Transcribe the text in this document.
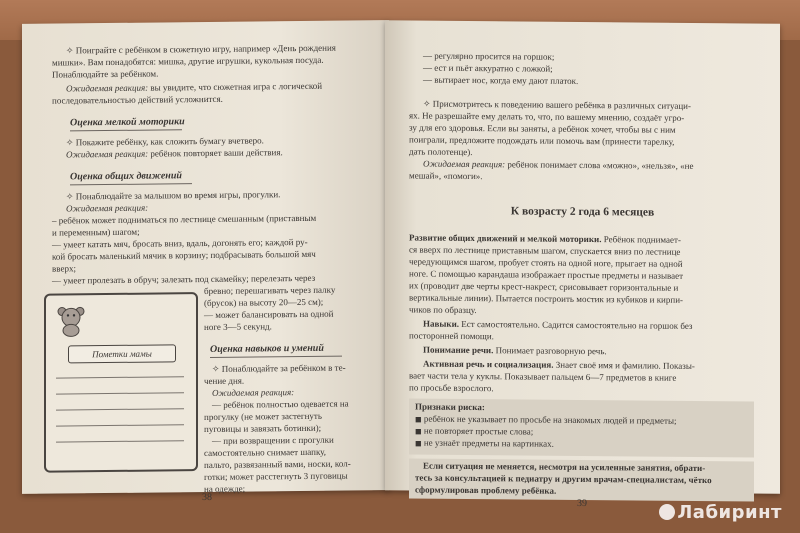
✧ Поиграйте с ребёнком в сюжетную игру, например «День рождения
мишки». Вам понадобятся: мишка, другие игрушки, кукольная посуда.
Понаблюдайте за ребёнком.
Ожидаемая реакция: вы увидите, что сюжетная игра с логической
последовательностью действий усложнится.
Оценка мелкой моторики
✧ Покажите ребёнку, как сложить бумагу вчетверо.
Ожидаемая реакция: ребёнок повторяет ваши действия.
Оценка общих движений
✧ Понаблюдайте за малышом во время игры, прогулки.
Ожидаемая реакция:
– ребёнок может подниматься по лестнице смешанным (приставным
и переменным) шагом;
— умеет катать мяч, бросать вниз, вдаль, догонять его; каждой ру-
кой бросать маленький мячик в корзину; подбрасывать большой мяч
вверх;
— умеет пролезать в обруч; залезать под скамейку; перелезать через
бревно; перешагивать через палку
(брусок) на высоту 20—25 см);
— может балансировать на одной
ноге 3—5 секунд.
Оценка навыков и умений
✧ Понаблюдайте за ребёнком в те-
чение дня.
Ожидаемая реакция:
— ребёнок полностью одевается на
прогулку (не может застегнуть
пуговицы и завязать ботинки);
— при возвращении с прогулки
самостоятельно снимает шапку,
пальто, развязанный вами, носки, кол-
готки; может расстегнуть 3 пуговицы
на одежде;
Пометки мамы
38
— регулярно просится на горшок;
— ест и пьёт аккуратно с ложкой;
— вытирает нос, когда ему дают платок.
✧ Присмотритесь к поведению вашего ребёнка в различных ситуаци-
ях. Не разрешайте ему делать то, что, по вашему мнению, создаёт угро-
зу для его здоровья. Если вы заняты, а ребёнок хочет, чтобы вы с ним
поиграли, предложите подождать или помочь вам (принести тарелку,
дать полотенце).
Ожидаемая реакция: ребёнок понимает слова «можно», «нельзя», «не
мешай», «помоги».
К возрасту 2 года 6 месяцев
Развитие общих движений и мелкой моторики. Ребёнок поднимает-
ся вверх по лестнице приставным шагом, спускается вниз по лестнице
чередующимся шагом, пробует стоять на одной ноге, прыгает на одной
ноге. С помощью карандаша изображает простые предметы и называет
их (проводит две черты крест-накрест, срисовывает горизонтальные и
вертикальные линии). Пытается построить мостик из кубиков и кирпи-
чиков по образцу.
Навыки. Ест самостоятельно. Садится самостоятельно на горшок без
посторонней помощи.
Понимание речи. Понимает разговорную речь.
Активная речь и социализация. Знает своё имя и фамилию. Показы-
вает части тела у куклы. Показывает пальцем 6—7 предметов в книге
по просьбе взрослого.
Признаки риска:
■ ребёнок не указывает по просьбе на знакомых людей и предметы;
■ не повторяет простые слова;
■ не узнаёт предметы на картинках.
Если ситуация не меняется, несмотря на усиленные занятия, обрати-
тесь за консультацией к педиатру и другим врачам-специалистам, чётко
сформулировав проблему ребёнка.
39	Лабиринт
